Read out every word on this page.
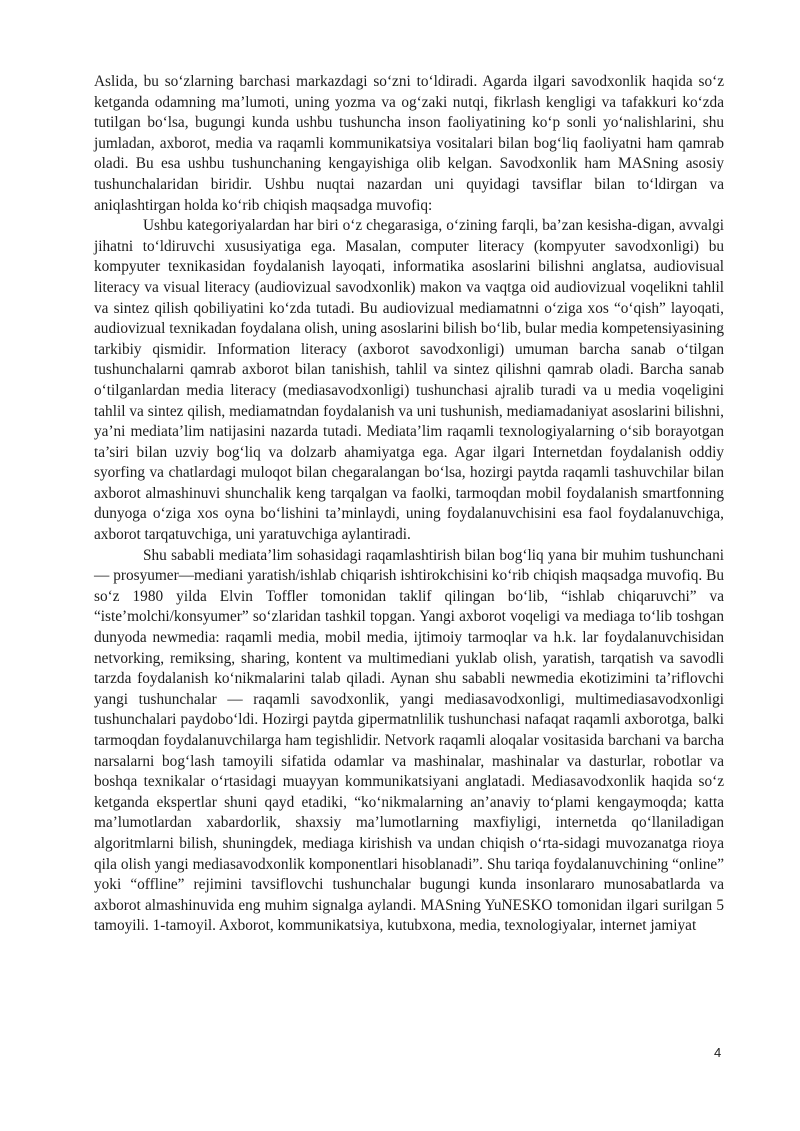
Aslida, bu so‘zlarning barchasi markazdagi so‘zni to‘ldiradi. Agarda ilgari savodxonlik haqida so‘z ketganda odamning ma’lumoti, uning yozma va og‘zaki nutqi, fikrlash kengligi va tafakkuri ko‘zda tutilgan bo‘lsa, bugungi kunda ushbu tushuncha inson faoliyatining ko‘p sonli yo‘nalishlarini, shu jumladan, axborot, media va raqamli kommunikatsiya vositalari bilan bog‘liq faoliyatni ham qamrab oladi. Bu esa ushbu tushunchaning kengayishiga olib kelgan. Savodxonlik ham MASning asosiy tushunchalaridan biridir. Ushbu nuqtai nazardan uni quyidagi tavsiflar bilan to‘ldirgan va aniqlashtirgan holda ko‘rib chiqish maqsadga muvofiq:

Ushbu kategoriyalardan har biri o‘z chegarasiga, o‘zining farqli, ba’zan kesisha-digan, avvalgi jihatni to‘ldiruvchi xususiyatiga ega. Masalan, computer literacy (kompyuter savodxonligi) bu kompyuter texnikasidan foydalanish layoqati, informatika asoslarini bilishni anglatsa, audiovisual literacy va visual literacy (audiovizual savodxonlik) makon va vaqtga oid audiovizual voqelikni tahlil va sintez qilish qobiliyatini ko‘zda tutadi. Bu audiovizual mediamatnni o‘ziga xos “o‘qish” layoqati, audiovizual texnikadan foydalana olish, uning asoslarini bilish bo‘lib, bular media kompetensiyasining tarkibiy qismidir. Information literacy (axborot savodxonligi) umuman barcha sanab o‘tilgan tushunchalarni qamrab axborot bilan tanishish, tahlil va sintez qilishni qamrab oladi. Barcha sanab o‘tilganlardan media literacy (mediasavodxonligi) tushunchasi ajralib turadi va u media voqeligini tahlil va sintez qilish, mediamatndan foydalanish va uni tushunish, mediamadaniyat asoslarini bilishni, ya’ni mediata’lim natijasini nazarda tutadi. Mediata’lim raqamli texnologiyalarning o‘sib borayotgan ta’siri bilan uzviy bog‘liq va dolzarb ahamiyatga ega. Agar ilgari Internetdan foydalanish oddiy syorfing va chatlardagi muloqot bilan chegaralangan bo‘lsa, hozirgi paytda raqamli tashuvchilar bilan axborot almashinuvi shunchalik keng tarqalgan va faolki, tarmoqdan mobil foydalanish smartfonning dunyoga o‘ziga xos oyna bo‘lishini ta’minlaydi, uning foydalanuvchisini esa faol foydalanuvchiga, axborot tarqatuvchiga, uni yaratuvchiga aylantiradi.

Shu sababli mediata’lim sohasidagi raqamlashtirish bilan bog‘liq yana bir muhim tushunchani — prosyumer—mediani yaratish/ishlab chiqarish ishtirokchisini ko‘rib chiqish maqsadga muvofiq. Bu so‘z 1980 yilda Elvin Toffler tomonidan taklif qilingan bo‘lib, “ishlab chiqaruvchi” va “iste’molchi/konsyumer” so‘zlaridan tashkil topgan. Yangi axborot voqeligi va mediaga to‘lib toshgan dunyoda newmedia: raqamli media, mobil media, ijtimoiy tarmoqlar va h.k. lar foydalanuvchisidan netvorking, remiksing, sharing, kontent va multimediani yuklab olish, yaratish, tarqatish va savodli tarzda foydalanish ko‘nikmalarini talab qiladi. Aynan shu sababli newmedia ekotizimini ta’riflovchi yangi tushunchalar — raqamli savodxonlik, yangi mediasavodxonligi, multimediasavodxonligi tushunchalari paydobo‘ldi. Hozirgi paytda gipermatnlilik tushunchasi nafaqat raqamli axborotga, balki tarmoqdan foydalanuvchilarga ham tegishlidir. Netvork raqamli aloqalar vositasida barchani va barcha narsalarni bog‘lash tamoyili sifatida odamlar va mashinalar, mashinalar va dasturlar, robotlar va boshqa texnikalar o‘rtasidagi muayyan kommunikatsiyani anglatadi. Mediasavodxonlik haqida so‘z ketganda ekspertlar shuni qayd etadiki, “ko‘nikmalarning an’anaviy to‘plami kengaymoqda; katta ma’lumotlardan xabardorlik, shaxsiy ma’lumotlarning maxfiyligi, internetda qo‘llaniladigan algoritmlarni bilish, shuningdek, mediaga kirishish va undan chiqish o‘rta-sidagi muvozanatga rioya qila olish yangi mediasavodxonlik komponentlari hisoblanadi”. Shu tariqa foydalanuvchining “online” yoki “offline” rejimini tavsiflovchi tushunchalar bugungi kunda insonlararo munosabatlarda va axborot almashinuvida eng muhim signalga aylandi. MASning YuNESKO tomonidan ilgari surilgan 5 tamoyili. 1-tamoyil. Axborot, kommunikatsiya, kutubxona, media, texnologiyalar, internet jamiyat

4
